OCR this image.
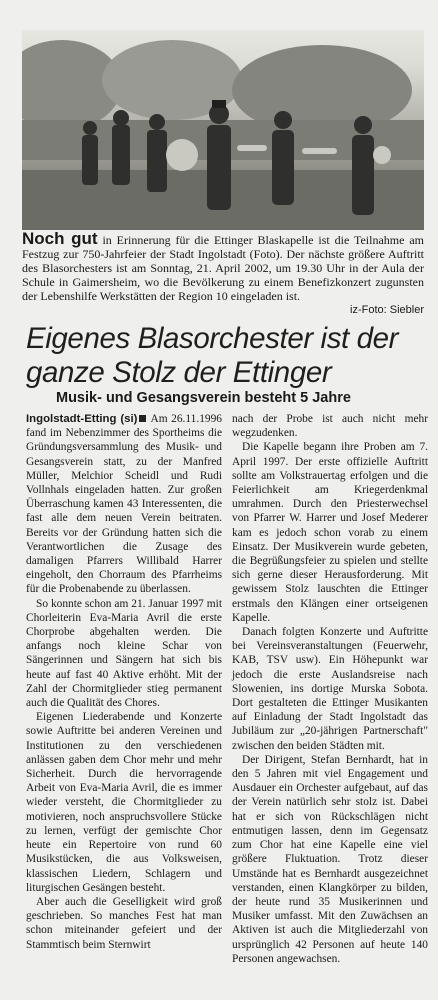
Noch gut in Erinnerung für die Ettinger Blaskapelle ist die Teilnahme am Festzug zur 750-Jahrfeier der Stadt Ingolstadt (Foto). Der nächste größere Auftritt des Blasorchesters ist am Sonntag, 21. April 2002, um 19.30 Uhr in der Aula der Schule in Gaimersheim, wo die Bevölkerung zu einem Benefizkonzert zugunsten der Lebenshilfe Werkstätten der Region 10 eingeladen ist.
iz-Foto: Siebler
Eigenes Blasorchester ist der ganze Stolz der Ettinger
Musik- und Gesangsverein besteht 5 Jahre

Ingolstadt-Etting (si) Am 26.11.1996 fand im Nebenzimmer des Sportheims die Gründungsversammlung des Musik- und Gesangsverein statt, zu der Manfred Müller, Melchior Scheidl und Rudi Vollnhals eingeladen hatten. Zur großen Überraschung kamen 43 Interessenten, die fast alle dem neuen Verein beitraten. Bereits vor der Gründung hatten sich die Verantwortlichen die Zusage des damaligen Pfarrers Willibald Harrer eingeholt, den Chorraum des Pfarrheims für die Probenabende zu überlassen.

So konnte schon am 21. Januar 1997 mit Chorleiterin Eva-Maria Avril die erste Chorprobe abgehalten werden. Die anfangs noch kleine Schar von Sängerinnen und Sängern hat sich bis heute auf fast 40 Aktive erhöht. Mit der Zahl der Chormitglieder stieg permanent auch die Qualität des Chores.

Eigenen Liederabende und Konzerte sowie Auftritte bei anderen Vereinen und Institutionen zu den verschiedenen anlässen gaben dem Chor mehr und mehr Sicherheit. Durch die hervorragende Arbeit von Eva-Maria Avril, die es immer wieder versteht, die Chormitglieder zu motivieren, noch anspruchsvollere Stücke zu lernen, verfügt der gemischte Chor heute ein Repertoire von rund 60 Musikstücken, die aus Volksweisen, klassischen Liedern, Schlagern und liturgischen Gesängen besteht.

Aber auch die Geselligkeit wird groß geschrieben. So manches Fest hat man schon miteinander gefeiert und der Stammtisch beim Sternwirt

nach der Probe ist auch nicht mehr wegzudenken.

Die Kapelle begann ihre Proben am 7. April 1997. Der erste offizielle Auftritt sollte am Volkstrauertag erfolgen und die Feierlichkeit am Kriegerdenkmal umrahmen. Durch den Priesterwechsel von Pfarrer W. Harrer und Josef Mederer kam es jedoch schon vorab zu einem Einsatz. Der Musikverein wurde gebeten, die Begrüßungsfeier zu spielen und stellte sich gerne dieser Herausforderung. Mit gewissem Stolz lauschten die Ettinger erstmals den Klängen einer ortseigenen Kapelle.

Danach folgten Konzerte und Auftritte bei Vereinsveranstaltungen (Feuerwehr, KAB, TSV usw). Ein Höhepunkt war jedoch die erste Auslandsreise nach Slowenien, ins dortige Murska Sobota. Dort gestalteten die Ettinger Musikanten auf Einladung der Stadt Ingolstadt das Jubiläum zur „20-jährigen Partnerschaft" zwischen den beiden Städten mit.

Der Dirigent, Stefan Bernhardt, hat in den 5 Jahren mit viel Engagement und Ausdauer ein Orchester aufgebaut, auf das der Verein natürlich sehr stolz ist. Dabei hat er sich von Rückschlägen nicht entmutigen lassen, denn im Gegensatz zum Chor hat eine Kapelle eine viel größere Fluktuation. Trotz dieser Umstände hat es Bernhardt ausgezeichnet verstanden, einen Klangkörper zu bilden, der heute rund 35 Musikerinnen und Musiker umfasst. Mit den Zuwächsen an Aktiven ist auch die Mitgliederzahl von ursprünglich 42 Personen auf heute 140 Personen angewachsen.
